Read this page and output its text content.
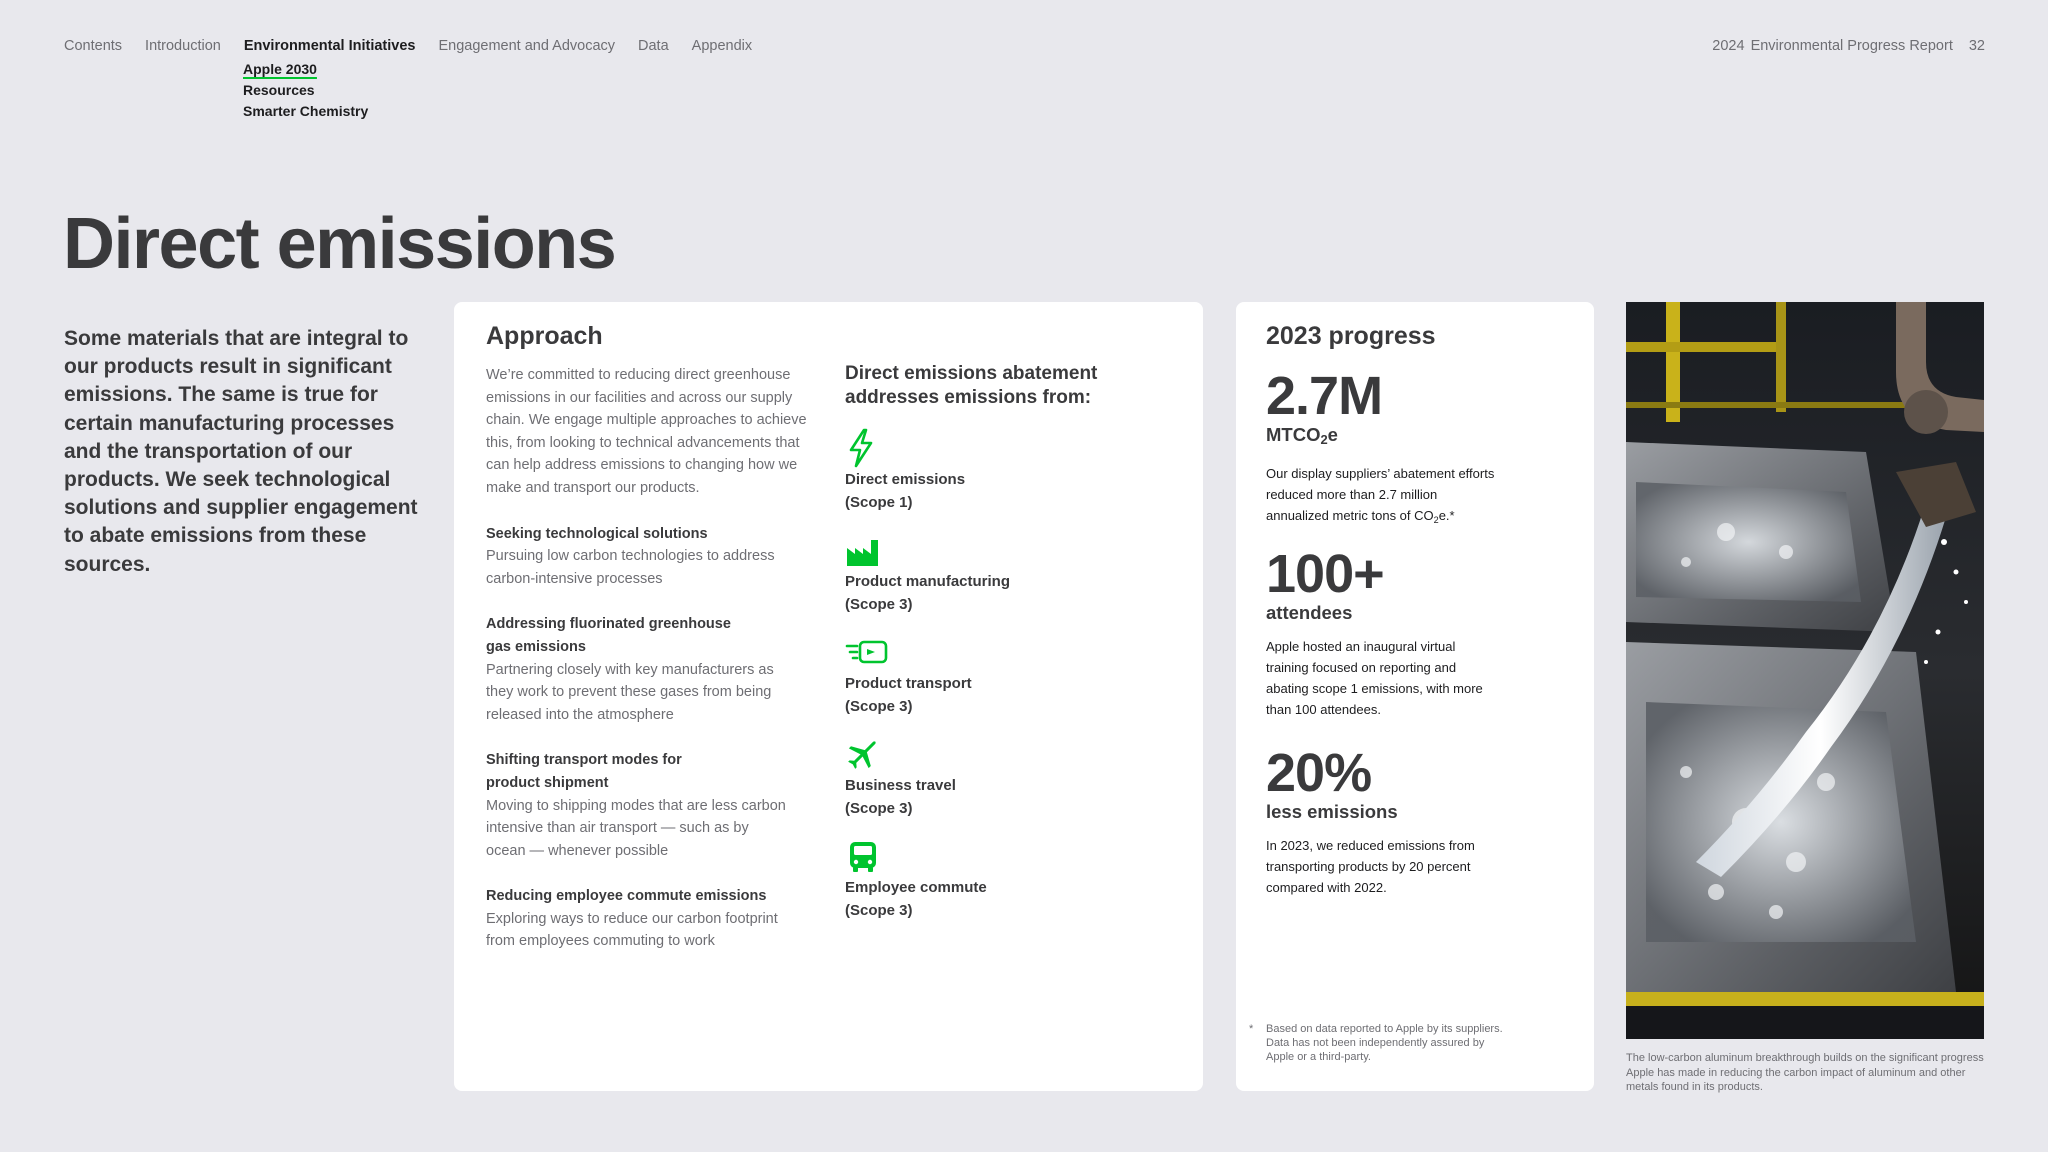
Contents Introduction Environmental Initiatives Engagement and Advocacy Data Appendix
Apple 2030
Resources
Smarter Chemistry
2024 Environmental Progress Report 32
Direct emissions

Some materials that are integral to our products result in significant emissions. The same is true for certain manufacturing processes and the transportation of our products. We seek technological solutions and supplier engagement to abate emissions from these sources.

Approach

We’re committed to reducing direct greenhouse emissions in our facilities and across our supply chain. We engage multiple approaches to achieve this, from looking to technical advancements that can help address emissions to changing how we make and transport our products.

Seeking technological solutions
Pursuing low carbon technologies to address carbon-intensive processes
Addressing fluorinated greenhouse gas emissions
Partnering closely with key manufacturers as they work to prevent these gases from being released into the atmosphere
Shifting transport modes for product shipment
Moving to shipping modes that are less carbon intensive than air transport — such as by ocean — whenever possible
Reducing employee commute emissions
Exploring ways to reduce our carbon footprint from employees commuting to work

Direct emissions abatement addresses emissions from:

Direct emissions
(Scope 1)
Product manufacturing
(Scope 3)
Product transport
(Scope 3)
Business travel
(Scope 3)
Employee commute
(Scope 3)
2023 progress
2.7M
$MTCO_2e$
Our display suppliers’ abatement efforts reduced more than 2.7 million annualized metric tons of $CO_2e.*$
100+
attendees
Apple hosted an inaugural virtual training focused on reporting and abating scope 1 emissions, with more than 100 attendees.
20%
less emissions
In 2023, we reduced emissions from transporting products by 20 percent compared with 2022.
* Based on data reported to Apple by its suppliers. Data has not been independently assured by Apple or a third-party.	The low-carbon aluminum breakthrough builds on the significant progress Apple has made in reducing the carbon impact of aluminum and other metals found in its products.
